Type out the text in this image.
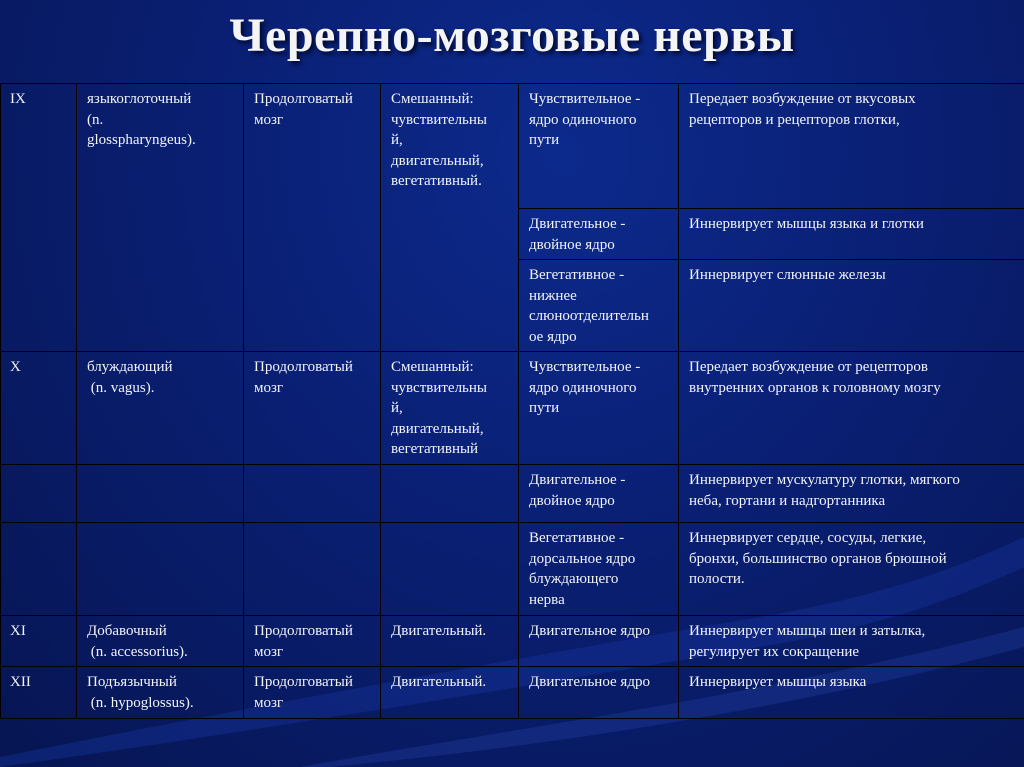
Черепно-мозговые нервы
IX	языкоглоточный
(n.
glosspharyngeus).	Продолговатый
мозг	Смешанный:
чувствительны
й,
двигательный,
вегетативный.	Чувствительное -
ядро одиночного
пути	Передает возбуждение от вкусовых
рецепторов и рецепторов глотки,
				Двигательное -
двойное ядро	Иннервирует мышцы языка и глотки
				Вегетативное -
нижнее
слюноотделительн
ое ядро	Иннервирует слюнные железы
X	блуждающий
(n. vagus).	Продолговатый
мозг	Смешанный:
чувствительны
й,
двигательный,
вегетативный	Чувствительное -
ядро одиночного
пути	Передает возбуждение от рецепторов
внутренних органов к головному мозгу
				Двигательное -
двойное ядро	Иннервирует мускулатуру глотки, мягкого
неба, гортани и надгортанника
				Вегетативное -
дорсальное ядро
блуждающего
нерва	Иннервирует сердце, сосуды, легкие,
бронхи, большинство органов брюшной
полости.
XI	Добавочный
(n. accessorius).	Продолговатый
мозг	Двигательный.	Двигательное ядро	Иннервирует мышцы шеи и затылка,
регулирует их сокращение
XII	Подъязычный
(n. hypoglossus).	Продолговатый
мозг	Двигательный.	Двигательное ядро	Иннервирует мышцы языка
